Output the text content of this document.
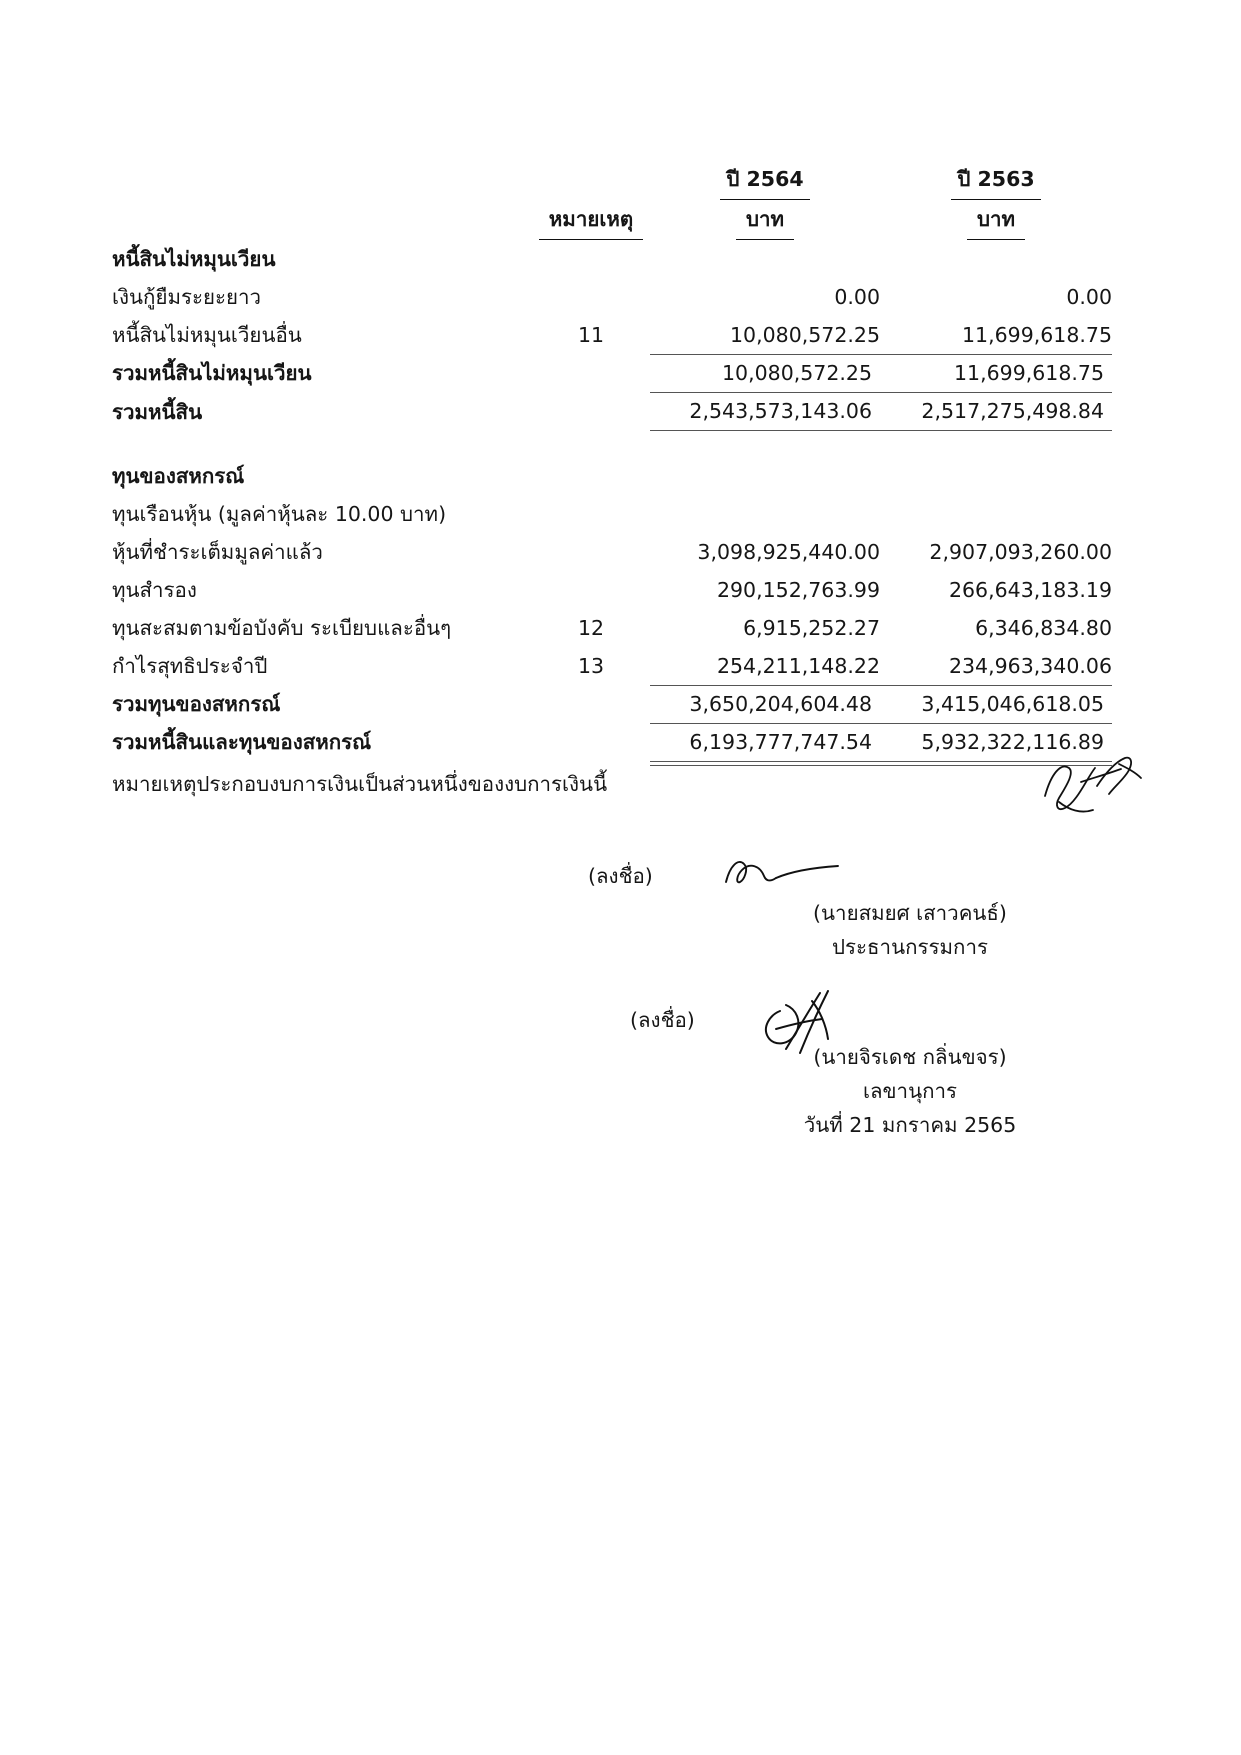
		ปี 2564	ปี 2563
	หมายเหตุ	บาท	บาท
หนี้สินไม่หมุนเวียน			
เงินกู้ยืมระยะยาว		0.00	0.00
หนี้สินไม่หมุนเวียนอื่น	11	10,080,572.25	11,699,618.75
รวมหนี้สินไม่หมุนเวียน		10,080,572.25	11,699,618.75

รวมหนี้สิน		2,543,573,143.06	2,517,275,498.84

ทุนของสหกรณ์			
ทุนเรือนหุ้น (มูลค่าหุ้นละ 10.00 บาท)			
หุ้นที่ชำระเต็มมูลค่าแล้ว		3,098,925,440.00	2,907,093,260.00
ทุนสำรอง		290,152,763.99	266,643,183.19
ทุนสะสมตามข้อบังคับ ระเบียบและอื่นๆ	12	6,915,252.27	6,346,834.80
กำไรสุทธิประจำปี	13	254,211,148.22	234,963,340.06
รวมทุนของสหกรณ์		3,650,204,604.48	3,415,046,618.05

รวมหนี้สินและทุนของสหกรณ์		6,193,777,747.54	5,932,322,116.89
หมายเหตุประกอบงบการเงินเป็นส่วนหนึ่งของงบการเงินนี้
(ลงชื่อ)
(นายสมยศ เสาวคนธ์)
ประธานกรรมการ
(ลงชื่อ)
(นายจิรเดช กลิ่นขจร)
เลขานุการ
วันที่ 21 มกราคม 2565
